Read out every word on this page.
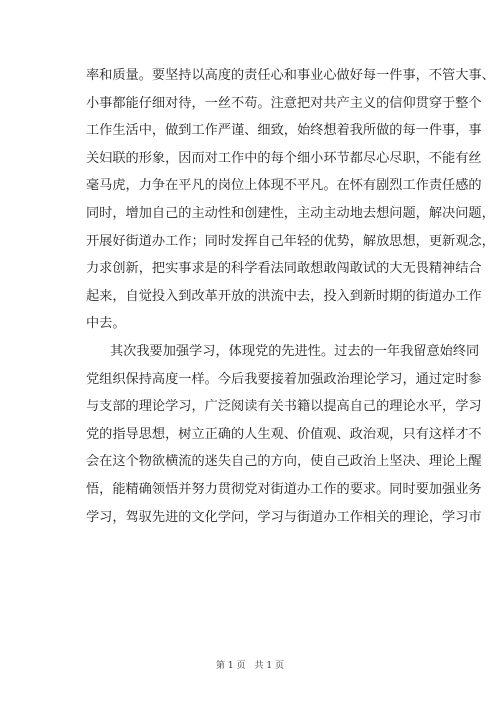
率和质量。要坚持以高度的责任心和事业心做好每一件事，不管大事、
小事都能仔细对待，一丝不苟。注意把对共产主义的信仰贯穿于整个
工作生活中，做到工作严谨、细致，始终想着我所做的每一件事，事
关妇联的形象，因而对工作中的每个细小环节都尽心尽职，不能有丝
毫马虎，力争在平凡的岗位上体现不平凡。在怀有剧烈工作责任感的
同时，增加自己的主动性和创建性，主动主动地去想问题，解决问题，
开展好街道办工作；同时发挥自己年轻的优势，解放思想，更新观念，
力求创新，把实事求是的科学看法同敢想敢闯敢试的大无畏精神结合
起来，自觉投入到改革开放的洪流中去，投入到新时期的街道办工作
中去。
其次我要加强学习，体现党的先进性。过去的一年我留意始终同
党组织保持高度一样。今后我要接着加强政治理论学习，通过定时参
与支部的理论学习，广泛阅读有关书籍以提高自己的理论水平，学习
党的指导思想，树立正确的人生观、价值观、政治观，只有这样才不
会在这个物欲横流的迷失自己的方向，使自己政治上坚决、理论上醒
悟，能精确领悟并努力贯彻党对街道办工作的要求。同时要加强业务
学习，驾驭先进的文化学问，学习与街道办工作相关的理论，学习市
第 1 页　共 1 页
